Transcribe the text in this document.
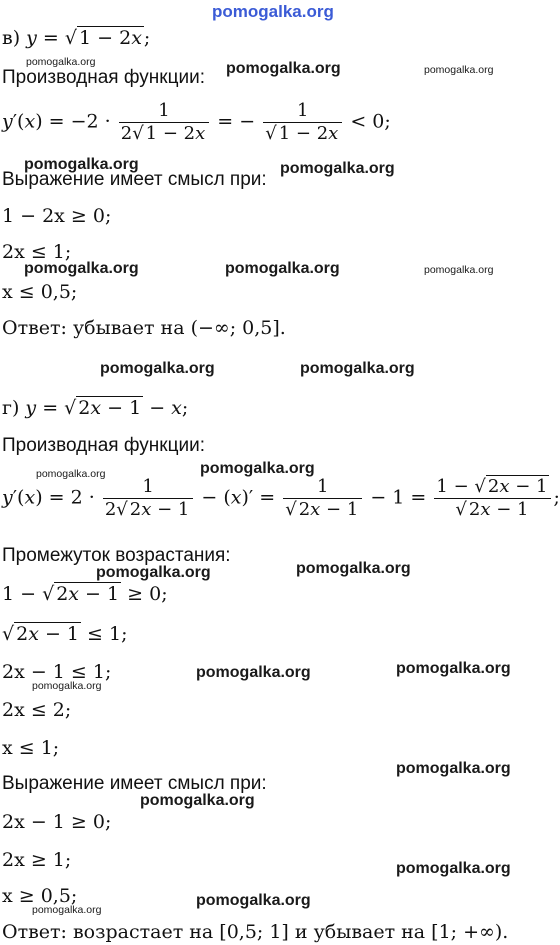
pomogalka.org
pomogalka.org	pomogalka.org	pomogalka.org
pomogalka.org	pomogalka.org
pomogalka.org	pomogalka.org	pomogalka.org
pomogalka.org	pomogalka.org
pomogalka.org	pomogalka.org
pomogalka.org	pomogalka.org
pomogalka.org	pomogalka.org
pomogalka.org
pomogalka.org
pomogalka.org
pomogalka.org
pomogalka.org
pomogalka.org
в) y = √ 1 − 2x ;
Производная функции:
$y'(x) = -2 \cdot \frac{1}{2√ 1 - 2x}$ = − $\frac{1}{√ 1 - 2x} < 0$;
Выражение имеет смысл при:
1 − 2x ≥ 0;
2x ≤ 1;
x ≤ 0,5;
Ответ: убывает на (−∞; 0,5].
г) y = √ 2x − 1 − x;
Производная функции:
$y'(x) = 2 \cdot \frac{1}{2√ 2x - 1} - (x)' = \frac{1}{√ 2x - 1} - 1 = \frac{1 - √ 2x - 1}{√ 2x - 1}$ ;
Промежуток возрастания:
1 − √ 2x − 1 ≥ 0;
√ 2x − 1 ≤ 1;
2x − 1 ≤ 1;
2x ≤ 2;
x ≤ 1;
Выражение имеет смысл при:
2x − 1 ≥ 0;
2x ≥ 1;
x ≥ 0,5;
Ответ: возрастает на [0,5; 1] и убывает на [1; +∞).
